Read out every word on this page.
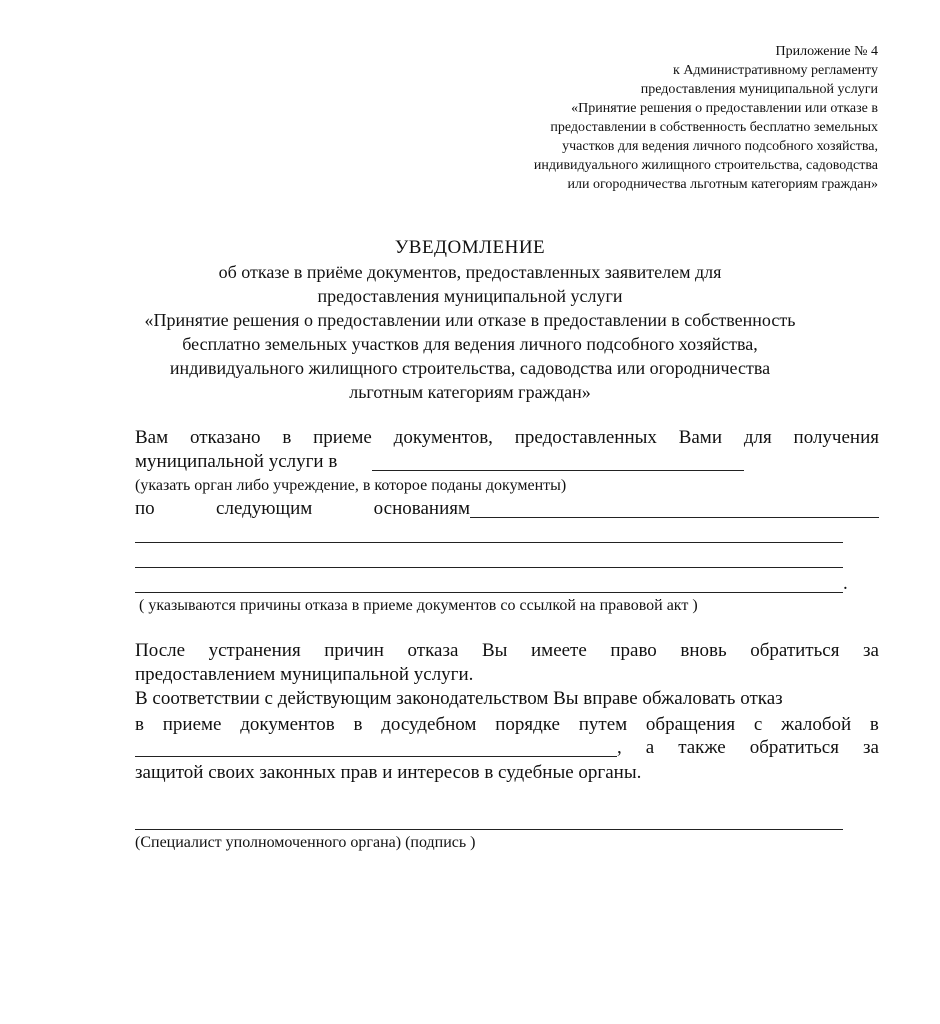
Приложение № 4
к Административному регламенту
предоставления муниципальной услуги
«Принятие решения о предоставлении или отказе в
предоставлении в собственность бесплатно земельных
участков для ведения личного подсобного хозяйства,
индивидуального жилищного строительства, садоводства
или огородничества льготным категориям граждан»
УВЕДОМЛЕНИЕ
об отказе в приёме документов, предоставленных заявителем для
предоставления муниципальной услуги
«Принятие решения о предоставлении или отказе в предоставлении в собственность
бесплатно земельных участков для ведения личного подсобного хозяйства,
индивидуального жилищного строительства, садоводства или огородничества
льготным категориям граждан»
Вам отказано в приеме документов, предоставленных Вами для получения
муниципальной услуги в
(указать орган либо учреждение, в которое поданы документы)
по	следующим	основаниям
.
( указываются причины отказа в приеме документов со ссылкой на правовой акт )
После устранения причин отказа Вы имеете право вновь обратиться за
предоставлением муниципальной услуги.
В соответствии с действующим законодательством Вы вправе обжаловать отказ
в приеме документов в досудебном порядке путем обращения с жалобой в
, а также обратиться за
защитой своих законных прав и интересов в судебные органы.
(Специалист уполномоченного органа) (подпись )
